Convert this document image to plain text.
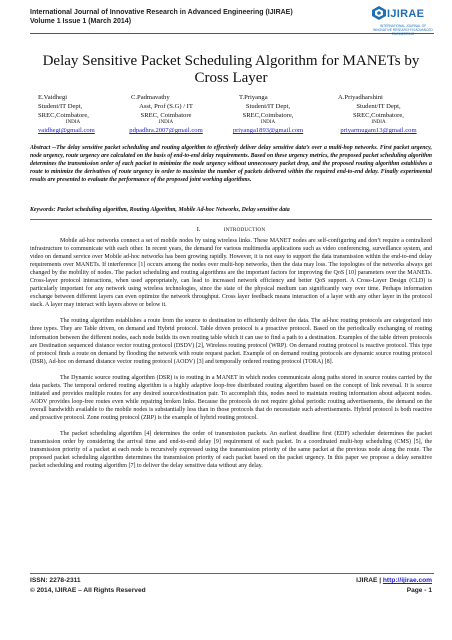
International Journal of Innovative Research in Advanced Engineering (IJIRAE)
Volume 1 Issue 1 (March 2014)
IJIRAE
INTERNATIONAL JOURNAL OF INNOVATIVE RESEARCH IN ADVANCED ENGINEERING
Delay Sensitive Packet Scheduling Algorithm for MANETs by Cross Layer
E.Vaidhegi
Student/IT Dept,
SREC,Coimbatore,
INDIA
vaidhegi@gmail.com
C.Padmavathy
Asst, Prof (S.G) / IT
SREC, Coimbatore
INDIA
pdpadhra.2007@gmail.com
T.Priyanga
Student/IT Dept,
SREC,Coimbatore,
INDIA
priyanga1893@gmail.com
A.Priyadharshini
Student/IT Dept,
SREC,Coimbatore,
INDIA
priyarmugam13@gmail.com
Abstract --The delay sensitive packet scheduling and routing algorithm to effectively deliver delay sensitive data’s over a multi-hop networks. First packet urgency, node urgency, route urgency are calculated on the basis of end-to-end delay requirements. Based on these urgency metrics, the proposed packet scheduling algorithm determines the transmission order of each packet to minimize the node urgency without unnecessary packet drop, and the proposed routing algorithm establishes a route to minimize the derivatives of route urgency in order to maximize the number of packets delivered within the required end-to-end delay. Finally experimental results are presented to evaluate the performance of the proposed joint working algorithms.
Keywords: Packet scheduling algorithm, Routing Algorithm, Mobile Ad-hoc Networks, Delay sensitive data
I.	INTRODUCTION

Mobile ad-hoc networks connect a set of mobile nodes by using wireless links. These MANET nodes are self-configuring and don’t require a centralized infrastructure to communicate with each other. In recent years, the demand for various multimedia applications such as video conferencing, surveillance system, and video on demand service over Mobile ad-hoc networks has been growing rapidly. However, it is not easy to support the data transmission within the end-to-end delay requirements over MANETs. If interference [1] occurs among the nodes over multi-hop networks, then the data may loss. The topologies of the networks always get changed by the mobility of nodes. The packet scheduling and routing algorithms are the important factors for improving the QoS [10] parameters over the MANETs. Cross-layer protocol interactions, when used appropriately, can lead to increased network efficiency and better QoS support. A Cross-Layer Design (CLD) is particularly important for any network using wireless technologies, since the state of the physical medium can significantly vary over time. Perhaps information exchange between different layers can even optimize the network throughput. Cross layer feedback means interaction of a layer with any other layer in the protocol stack. A layer may interact with layers above or below it.

The routing algorithm establishes a route from the source to destination to efficiently deliver the data. The ad-hoc routing protocols are categorized into three types. They are Table driven, on demand and Hybrid protocol. Table driven protocol is a proactive protocol. Based on the periodically exchanging of routing information between the different nodes, each node builds its own routing table which it can use to find a path to a destination. Examples of the table driven protocols are Destination sequenced distance vector routing protocol (DSDV) [2], Wireless routing protocol (WRP). On demand routing protocol is reactive protocol. This type of protocol finds a route on demand by flooding the network with route request packet. Example of on demand routing protocols are dynamic source routing protocol (DSR), Ad-hoc on demand distance vector routing protocol (AODV) [3] and temporally ordered routing protocol (TORA) [8].

The Dynamic source routing algorithm (DSR) is to routing in a MANET in which nodes communicate along paths stored in source routes carried by the data packets. The temporal ordered routing algorithm is a highly adaptive loop-free distributed routing algorithm based on the concept of link reversal. It is source initiated and provides multiple routes for any desired source/destination pair. To accomplish this, nodes need to maintain routing information about adjacent nodes. AODV provides loop-free routes even while repairing broken links. Because the protocols do not require global periodic routing advertisements, the demand on the overall bandwidth available to the mobile nodes is substantially less than in those protocols that do necessitate such advertisements. Hybrid protocol is both reactive and proactive protocol. Zone routing protocol (ZRP) is the example of hybrid routing protocol.

The packet scheduling algorithm [4] determines the order of transmission packets. An earliest deadline first (EDF) scheduler determines the packet transmission order by considering the arrival time and end-to-end delay [9] requirement of each packet. In a coordinated multi-hop scheduling (CMS) [5], the transmission priority of a packet at each node is recursively expressed using the transmission priority of the same packet at the previous node along the route. The proposed packet scheduling algorithm determines the transmission priority of each packet based on the packet urgency. In this paper we propose a delay sensitive packet scheduling and routing algorithm [7] to deliver the delay sensitive data without any delay.

ISSN: 2278-2311
© 2014, IJIRAE – All Rights Reserved
IJIRAE | http://ijirae.com
Page - 1
